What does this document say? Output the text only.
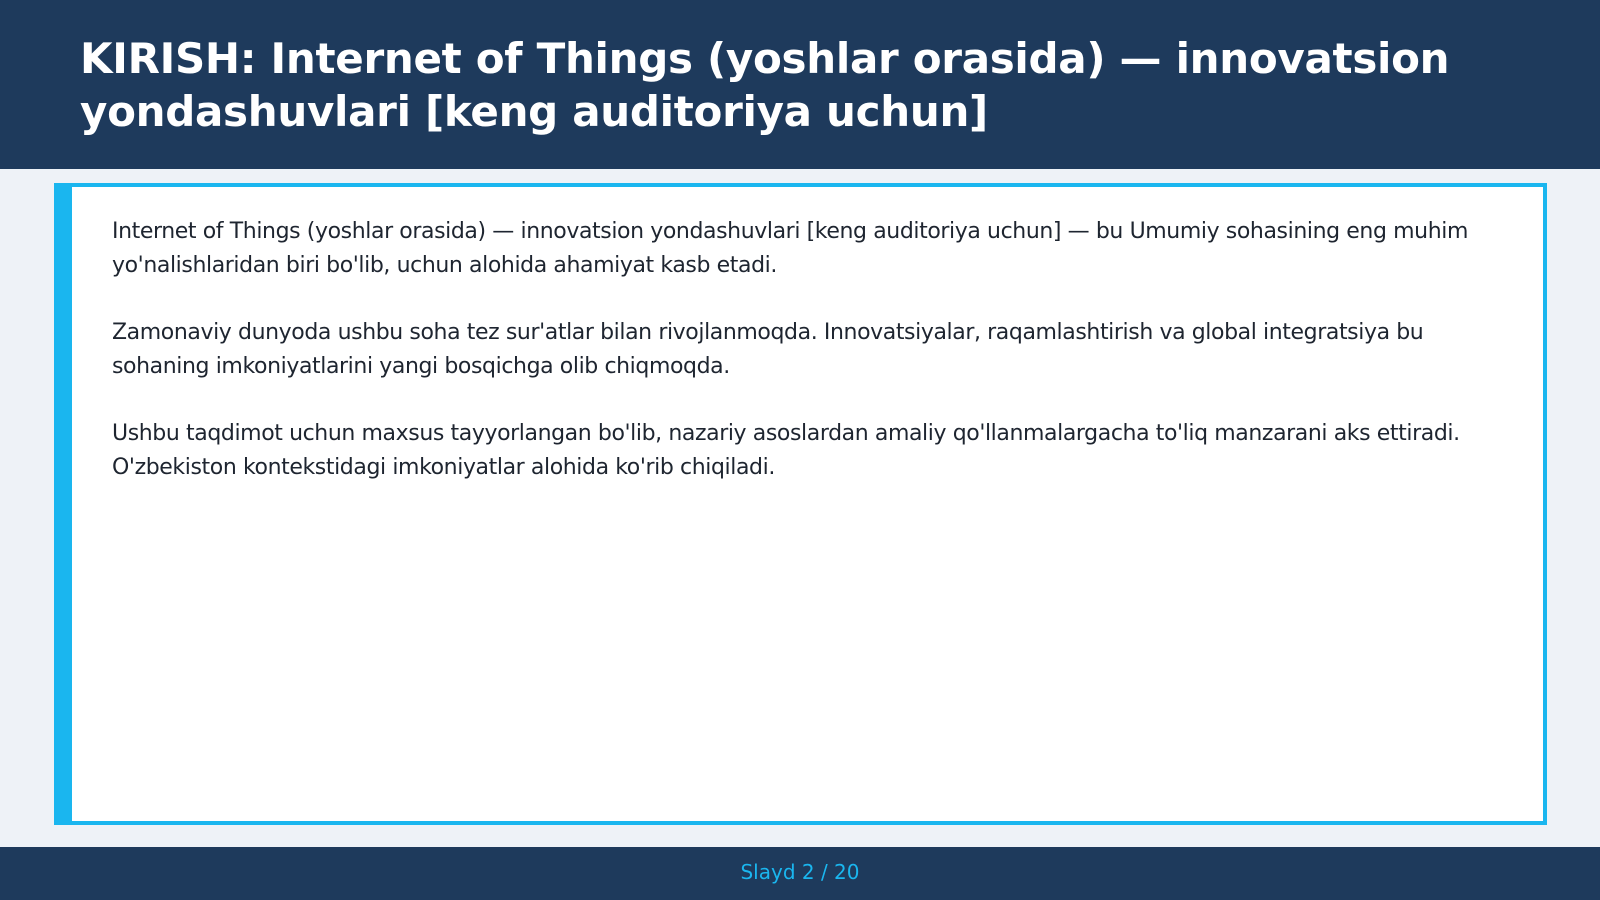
KIRISH: Internet of Things (yoshlar orasida) — innovatsion yondashuvlari [keng auditoriya uchun]

Internet of Things (yoshlar orasida) — innovatsion yondashuvlari [keng auditoriya uchun] — bu Umumiy sohasining eng muhim yo'nalishlaridan biri bo'lib, uchun alohida ahamiyat kasb etadi.

Zamonaviy dunyoda ushbu soha tez sur'atlar bilan rivojlanmoqda. Innovatsiyalar, raqamlashtirish va global integratsiya bu sohaning imkoniyatlarini yangi bosqichga olib chiqmoqda.

Ushbu taqdimot uchun maxsus tayyorlangan bo'lib, nazariy asoslardan amaliy qo'llanmalargacha to'liq manzarani aks ettiradi. O'zbekiston kontekstidagi imkoniyatlar alohida ko'rib chiqiladi.

Slayd 2 / 20
